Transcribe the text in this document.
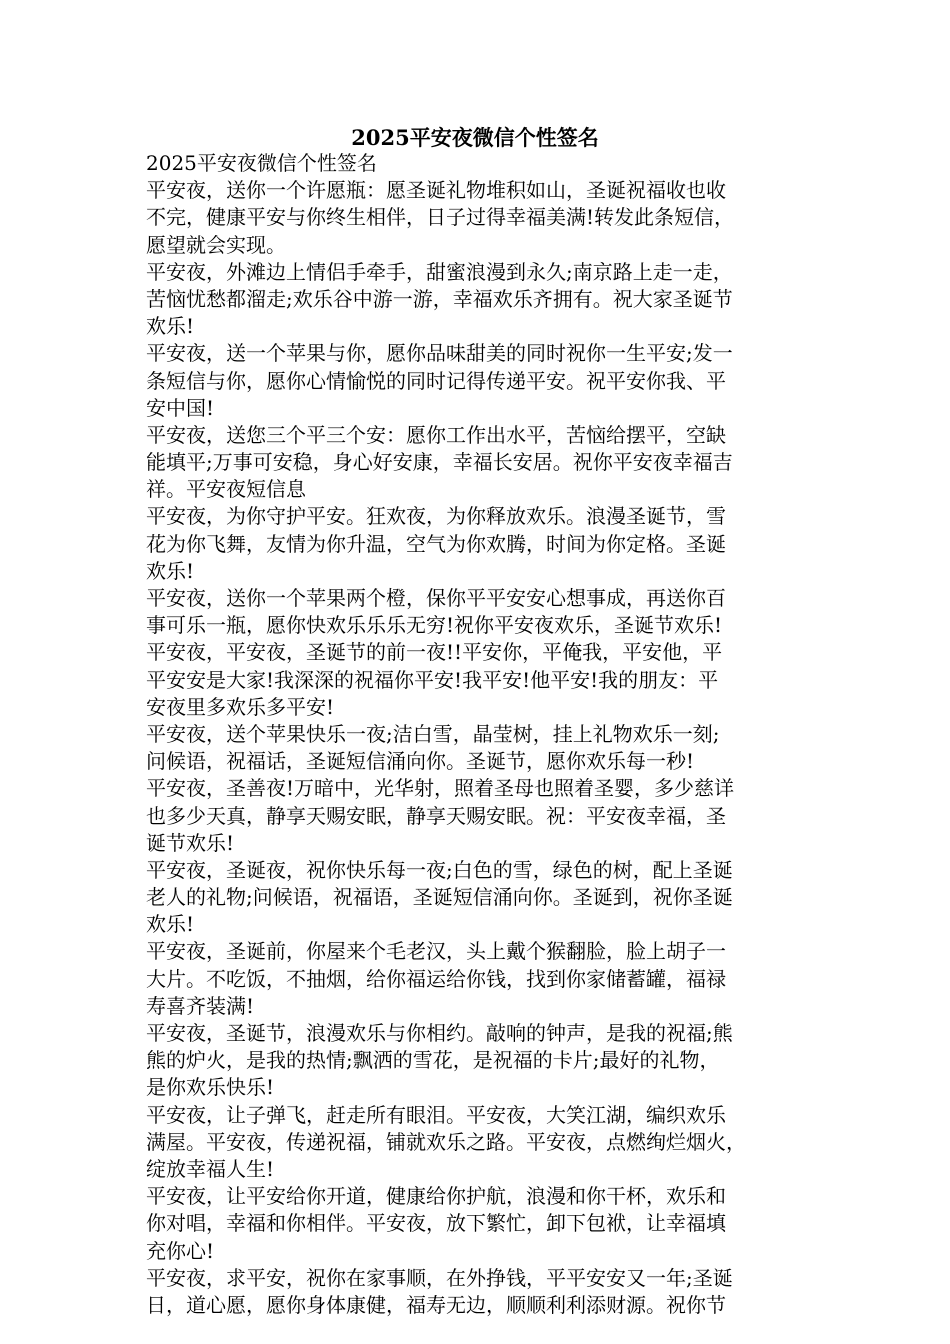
2025平安夜微信个性签名
2025平安夜微信个性签名
平安夜，送你一个许愿瓶：愿圣诞礼物堆积如山，圣诞祝福收也收
不完，健康平安与你终生相伴，日子过得幸福美满!转发此条短信，
愿望就会实现。
平安夜，外滩边上情侣手牵手，甜蜜浪漫到永久;南京路上走一走，
苦恼忧愁都溜走;欢乐谷中游一游，幸福欢乐齐拥有。祝大家圣诞节
欢乐!
平安夜，送一个苹果与你，愿你品味甜美的同时祝你一生平安;发一
条短信与你，愿你心情愉悦的同时记得传递平安。祝平安你我、平
安中国!
平安夜，送您三个平三个安：愿你工作出水平，苦恼给摆平，空缺
能填平;万事可安稳，身心好安康，幸福长安居。祝你平安夜幸福吉
祥。平安夜短信息
平安夜，为你守护平安。狂欢夜，为你释放欢乐。浪漫圣诞节，雪
花为你飞舞，友情为你升温，空气为你欢腾，时间为你定格。圣诞
欢乐!
平安夜，送你一个苹果两个橙，保你平平安安心想事成，再送你百
事可乐一瓶，愿你快欢乐乐乐无穷!祝你平安夜欢乐，圣诞节欢乐!
平安夜，平安夜，圣诞节的前一夜!!平安你，平俺我，平安他，平
平安安是大家!我深深的祝福你平安!我平安!他平安!我的朋友：平
安夜里多欢乐多平安!
平安夜，送个苹果快乐一夜;洁白雪，晶莹树，挂上礼物欢乐一刻;
问候语，祝福话，圣诞短信涌向你。圣诞节，愿你欢乐每一秒!
平安夜，圣善夜!万暗中，光华射，照着圣母也照着圣婴，多少慈详
也多少天真，静享天赐安眠，静享天赐安眠。祝：平安夜幸福，圣
诞节欢乐!
平安夜，圣诞夜，祝你快乐每一夜;白色的雪，绿色的树，配上圣诞
老人的礼物;问候语，祝福语，圣诞短信涌向你。圣诞到，祝你圣诞
欢乐!
平安夜，圣诞前，你屋来个毛老汉，头上戴个猴翻脸，脸上胡子一
大片。不吃饭，不抽烟，给你福运给你钱，找到你家储蓄罐，福禄
寿喜齐装满!
平安夜，圣诞节，浪漫欢乐与你相约。敲响的钟声，是我的祝福;熊
熊的炉火，是我的热情;飘洒的雪花，是祝福的卡片;最好的礼物，
是你欢乐快乐!
平安夜，让子弹飞，赶走所有眼泪。平安夜，大笑江湖，编织欢乐
满屋。平安夜，传递祝福，铺就欢乐之路。平安夜，点燃绚烂烟火，
绽放幸福人生!
平安夜，让平安给你开道，健康给你护航，浪漫和你干杯，欢乐和
你对唱，幸福和你相伴。平安夜，放下繁忙，卸下包袱，让幸福填
充你心!
平安夜，求平安，祝你在家事顺，在外挣钱，平平安安又一年;圣诞
日，道心愿，愿你身体康健，福寿无边，顺顺利利添财源。祝你节
